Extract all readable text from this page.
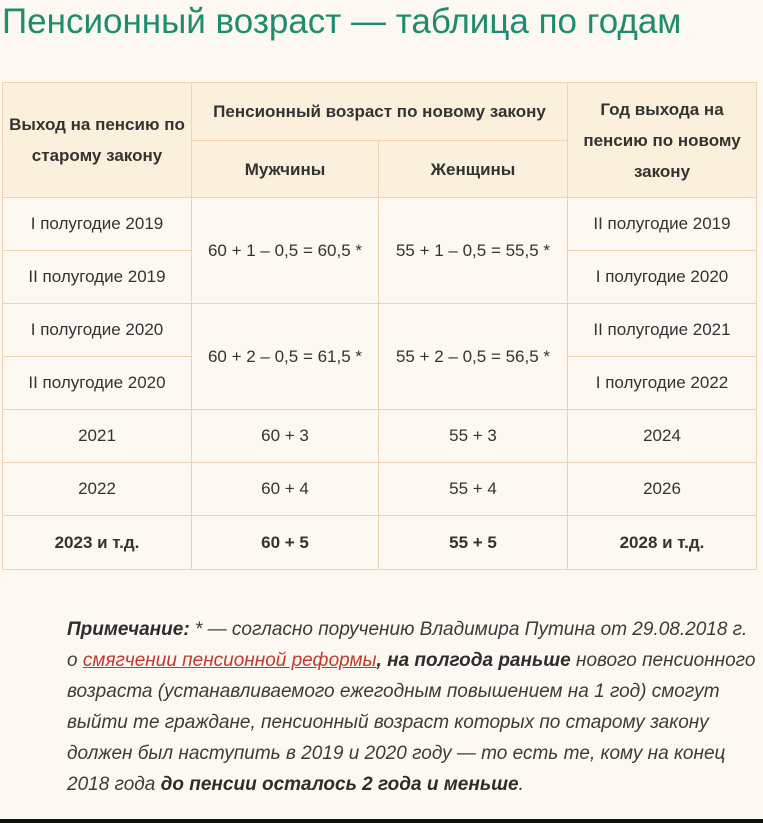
Пенсионный возраст — таблица по годам
Выход на пенсию по старому закону	Пенсионный возраст по новому закону		Год выхода на пенсию по новому закону
	Мужчины	Женщины	
I полугодие 2019	60 + 1 – 0,5 = 60,5 *	55 + 1 – 0,5 = 55,5 *	II полугодие 2019
II полугодие 2019			I полугодие 2020
I полугодие 2020	60 + 2 – 0,5 = 61,5 *	55 + 2 – 0,5 = 56,5 *	II полугодие 2021
II полугодие 2020			I полугодие 2022
2021	60 + 3	55 + 3	2024
2022	60 + 4	55 + 4	2026
2023 и т.д.	60 + 5	55 + 5	2028 и т.д.

Примечание: * — согласно поручению Владимира Путина от 29.08.2018 г. о смягчении пенсионной реформы, на полгода раньше нового пенсионного возраста (устанавливаемого ежегодным повышением на 1 год) смогут выйти те граждане, пенсионный возраст которых по старому закону должен был наступить в 2019 и 2020 году — то есть те, кому на конец 2018 года до пенсии осталось 2 года и меньше.
